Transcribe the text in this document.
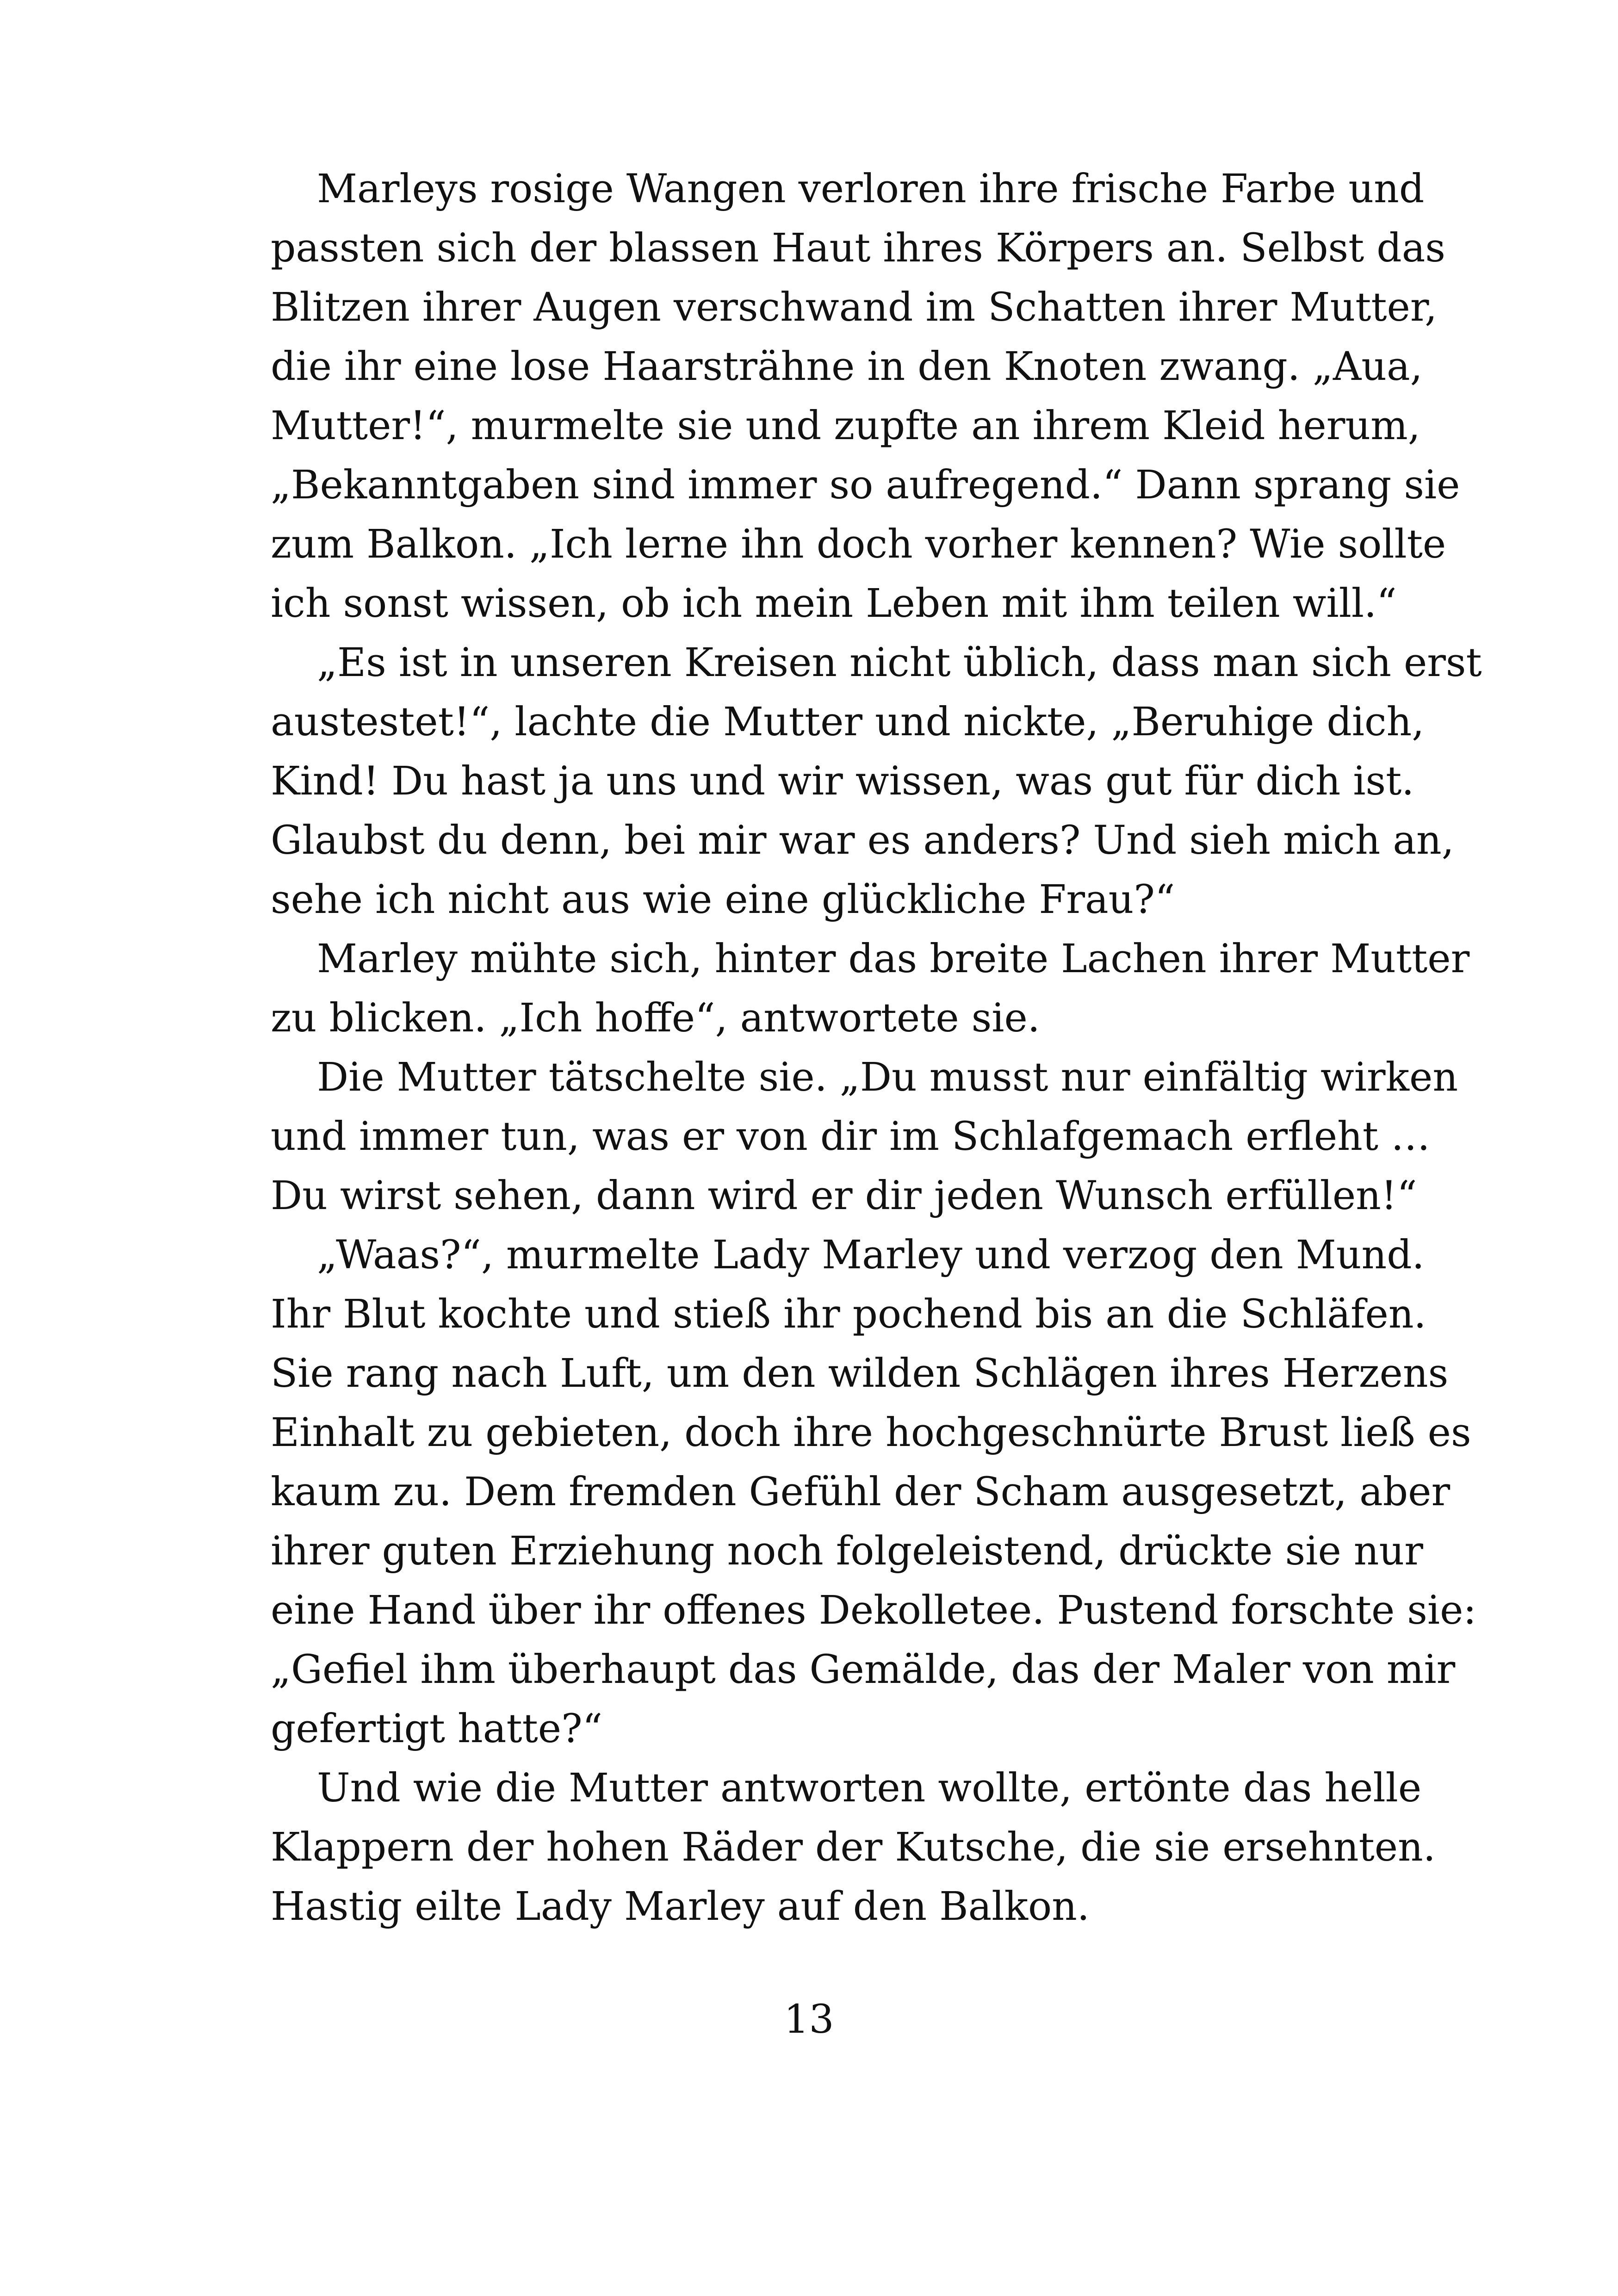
Marleys rosige Wangen verloren ihre frische Farbe und
passten sich der blassen Haut ihres Körpers an. Selbst das
Blitzen ihrer Augen verschwand im Schatten ihrer Mutter,
die ihr eine lose Haarsträhne in den Knoten zwang. „Aua,
Mutter!“, murmelte sie und zupfte an ihrem Kleid herum,
„Bekanntgaben sind immer so aufregend.“ Dann sprang sie
zum Balkon. „Ich lerne ihn doch vorher kennen? Wie sollte
ich sonst wissen, ob ich mein Leben mit ihm teilen will.“
„Es ist in unseren Kreisen nicht üblich, dass man sich erst
austestet!“, lachte die Mutter und nickte, „Beruhige dich,
Kind! Du hast ja uns und wir wissen, was gut für dich ist.
Glaubst du denn, bei mir war es anders? Und sieh mich an,
sehe ich nicht aus wie eine glückliche Frau?“
Marley mühte sich, hinter das breite Lachen ihrer Mutter
zu blicken. „Ich hoffe“, antwortete sie.
Die Mutter tätschelte sie. „Du musst nur einfältig wirken
und immer tun, was er von dir im Schlafgemach erfleht …
Du wirst sehen, dann wird er dir jeden Wunsch erfüllen!“
„Waas?“, murmelte Lady Marley und verzog den Mund.
Ihr Blut kochte und stieß ihr pochend bis an die Schläfen.
Sie rang nach Luft, um den wilden Schlägen ihres Herzens
Einhalt zu gebieten, doch ihre hochgeschnürte Brust ließ es
kaum zu. Dem fremden Gefühl der Scham ausgesetzt, aber
ihrer guten Erziehung noch folgeleistend, drückte sie nur
eine Hand über ihr offenes Dekolletee. Pustend forschte sie:
„Gefiel ihm überhaupt das Gemälde, das der Maler von mir
gefertigt hatte?“
Und wie die Mutter antworten wollte, ertönte das helle
Klappern der hohen Räder der Kutsche, die sie ersehnten.
Hastig eilte Lady Marley auf den Balkon.
13
